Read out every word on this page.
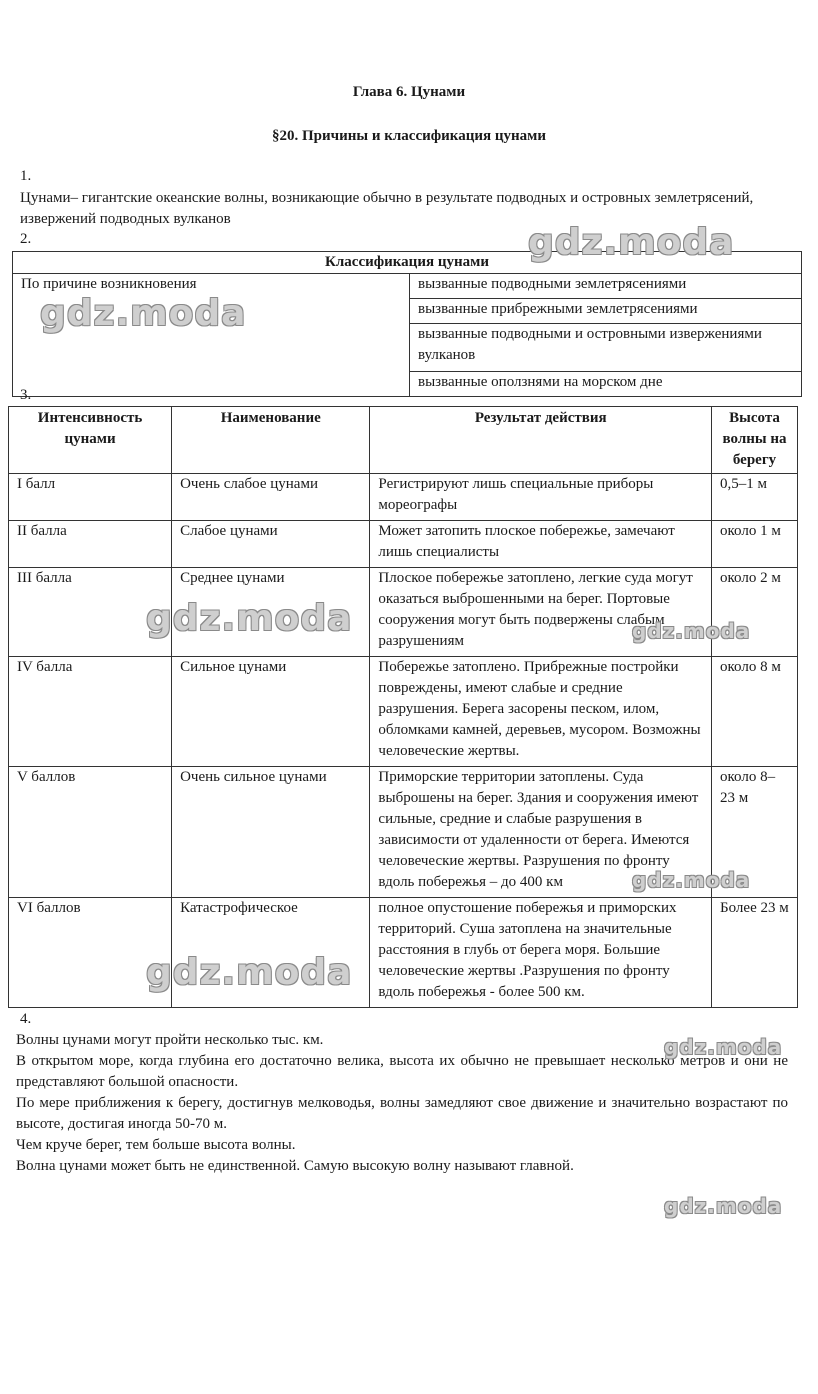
Глава 6. Цунами
§20. Причины и классификация цунами
1.
Цунами– гигантские океанские волны, возникающие обычно в результате подводных и островных землетрясений, извержений подводных вулканов
2.
Классификация цунами
По причине возникновения	вызванные подводными землетрясениями
вызванные прибрежными землетрясениями
вызванные подводными и островными извержениями вулканов
вызванные оползнями на морском дне
3.
Интенсивность цунами	Наименование	Результат действия	Высота волны на берегу
I балл	Очень слабое цунами	Регистрируют лишь специальные приборы мореографы	0,5–1 м
II балла	Слабое цунами	Может затопить плоское побережье, замечают лишь специалисты	около 1 м
III балла	Среднее цунами	Плоское побережье затоплено, легкие суда могут оказаться выброшенными на берег. Портовые сооружения могут быть подвержены слабым разрушениям	около 2 м
IV балла	Сильное цунами	Побережье затоплено. Прибрежные постройки повреждены, имеют слабые и средние разрушения. Берега засорены песком, илом, обломками камней, деревьев, мусором. Возможны человеческие жертвы.	около 8 м
V баллов	Очень сильное цунами	Приморские территории затоплены. Суда выброшены на берег. Здания и сооружения имеют сильные, средние и слабые разрушения в зависимости от удаленности от берега. Имеются человеческие жертвы. Разрушения по фронту вдоль побережья – до 400 км	около 8–23 м
VI баллов	Катастрофическое	полное опустошение побережья и приморских территорий. Суша затоплена на значительные расстояния в глубь от берега моря. Большие человеческие жертвы .Разрушения по фронту вдоль побережья - более 500 км.	Более 23 м
4.
Волны цунами могут пройти несколько тыс. км.
В открытом море, когда глубина его достаточно велика, высота их обычно не превышает несколько метров и они не представляют большой опасности.
По мере приближения к берегу, достигнув мелководья, волны замедляют свое движение и значительно возрастают по высоте, достигая иногда 50-70 м.
Чем круче берег, тем больше высота волны.
Волна цунами может быть не единственной. Самую высокую волну называют главной.
gdz.moda
gdz.moda
gdz.moda	gdz.moda
gdz.moda
gdz.moda
gdz.moda
gdz.moda
